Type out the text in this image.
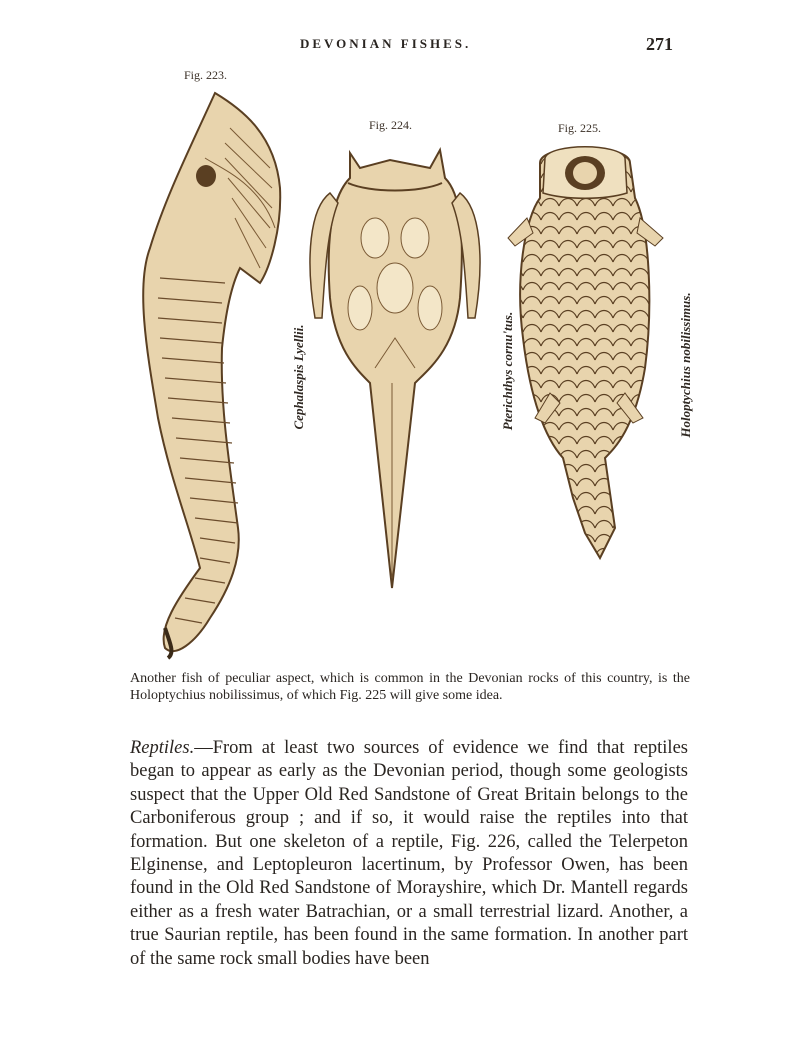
DEVONIAN FISHES.	271
Fig. 223.
Fig. 224.	Fig. 225.
Cephalaspis Lyellii.	Pterichthys cornu'tus.	Holoptychius nobilissimus.
Another fish of peculiar aspect, which is common in the Devonian rocks of this country, is the Holoptychius nobilissimus, of which Fig. 225 will give some idea.

Reptiles.—From at least two sources of evidence we find that reptiles began to appear as early as the Devonian period, though some geologists suspect that the Upper Old Red Sandstone of Great Britain belongs to the Carboniferous group ; and if so, it would raise the reptiles into that formation. But one skeleton of a reptile, Fig. 226, called the Telerpeton Elginense, and Leptopleuron lacertinum, by Professor Owen, has been found in the Old Red Sandstone of Morayshire, which Dr. Mantell regards either as a fresh water Batrachian, or a small terrestrial lizard. Another, a true Saurian reptile, has been found in the same formation. In another part of the same rock small bodies have been
